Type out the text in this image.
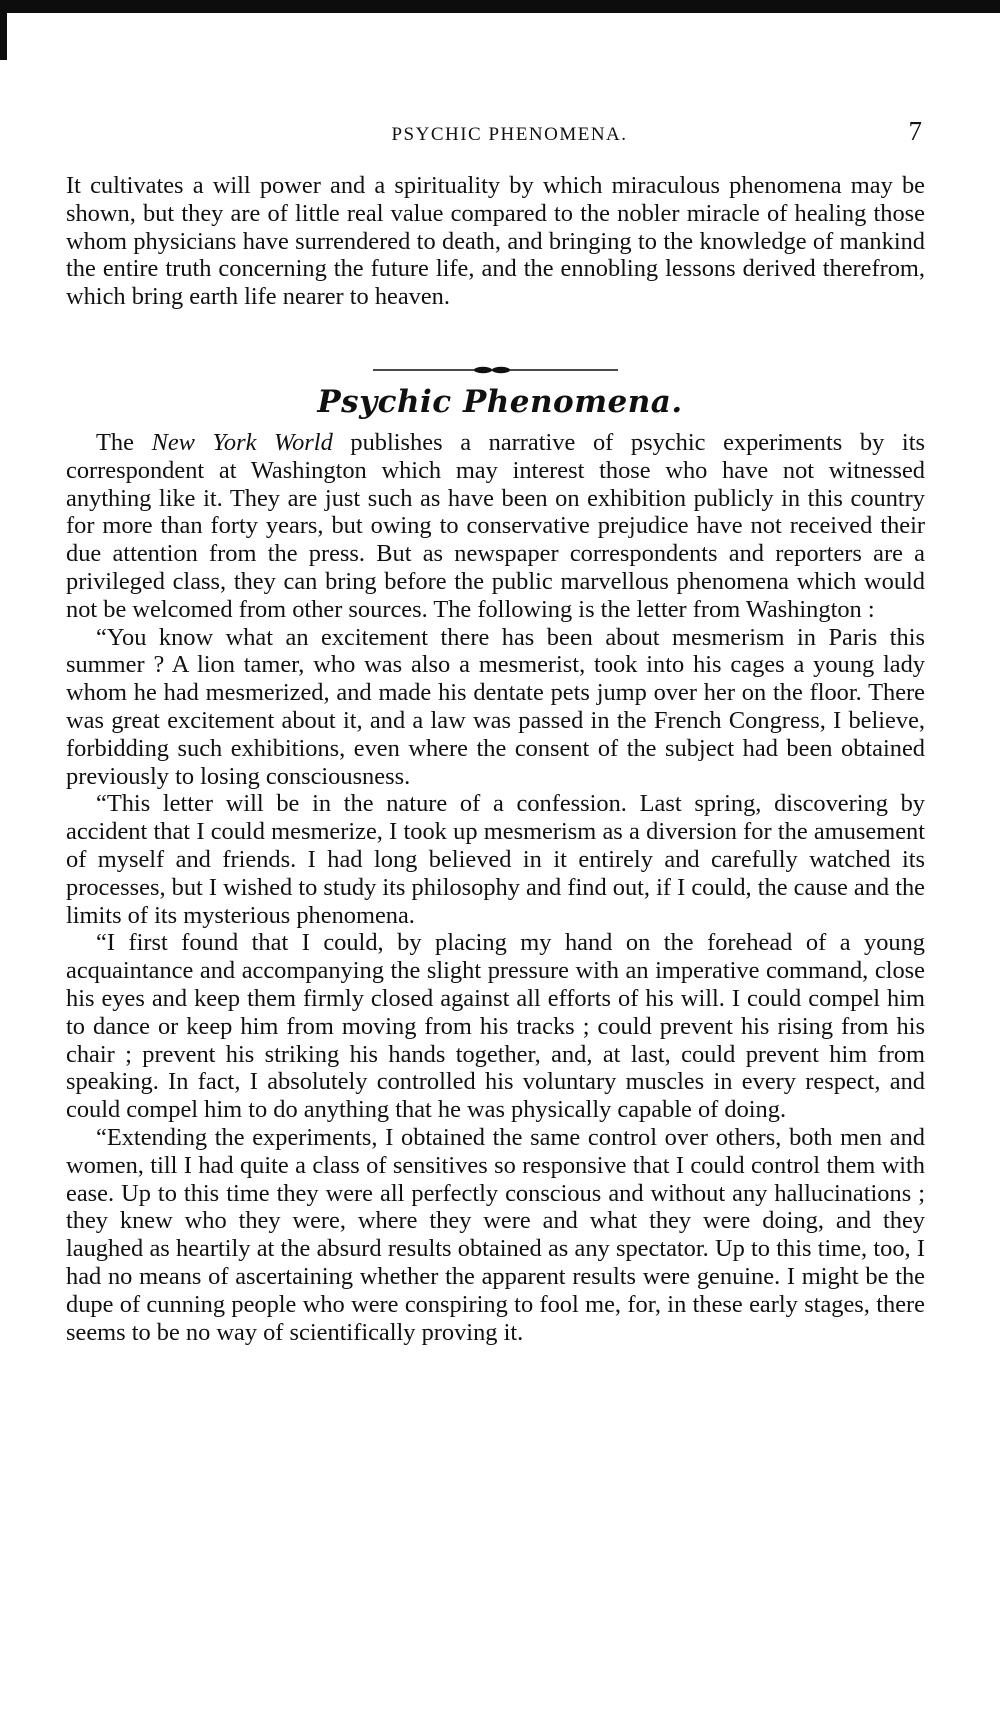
PSYCHIC PHENOMENA.	7

It cultivates a will power and a spirituality by which miraculous phenomena may be shown, but they are of little real value compared to the nobler miracle of healing those whom physicians have surrendered to death, and bringing to the knowledge of mankind the entire truth concerning the future life, and the ennobling lessons derived therefrom, which bring earth life nearer to heaven.

Psychic Phenomena.

The New York World publishes a narrative of psychic experiments by its correspondent at Washington which may interest those who have not witnessed anything like it. They are just such as have been on exhibition publicly in this country for more than forty years, but owing to conservative prejudice have not received their due attention from the press. But as newspaper correspondents and reporters are a privileged class, they can bring before the public marvellous phenomena which would not be welcomed from other sources. The following is the letter from Washington :

“You know what an excitement there has been about mesmerism in Paris this summer ? A lion tamer, who was also a mesmerist, took into his cages a young lady whom he had mesmerized, and made his dentate pets jump over her on the floor. There was great excitement about it, and a law was passed in the French Congress, I believe, forbidding such exhibitions, even where the consent of the subject had been obtained previously to losing consciousness.

“This letter will be in the nature of a confession. Last spring, discovering by accident that I could mesmerize, I took up mesmerism as a diversion for the amusement of myself and friends. I had long believed in it entirely and carefully watched its processes, but I wished to study its philosophy and find out, if I could, the cause and the limits of its mysterious phenomena.

“I first found that I could, by placing my hand on the forehead of a young acquaintance and accompanying the slight pressure with an imperative command, close his eyes and keep them firmly closed against all efforts of his will. I could compel him to dance or keep him from moving from his tracks ; could prevent his rising from his chair ; prevent his striking his hands together, and, at last, could prevent him from speaking. In fact, I absolutely controlled his voluntary muscles in every respect, and could compel him to do anything that he was physically capable of doing.

“Extending the experiments, I obtained the same control over others, both men and women, till I had quite a class of sensitives so responsive that I could control them with ease. Up to this time they were all perfectly conscious and without any hallucinations ; they knew who they were, where they were and what they were doing, and they laughed as heartily at the absurd results obtained as any spectator. Up to this time, too, I had no means of ascertaining whether the apparent results were genuine. I might be the dupe of cunning people who were conspiring to fool me, for, in these early stages, there seems to be no way of scientifically proving it.
